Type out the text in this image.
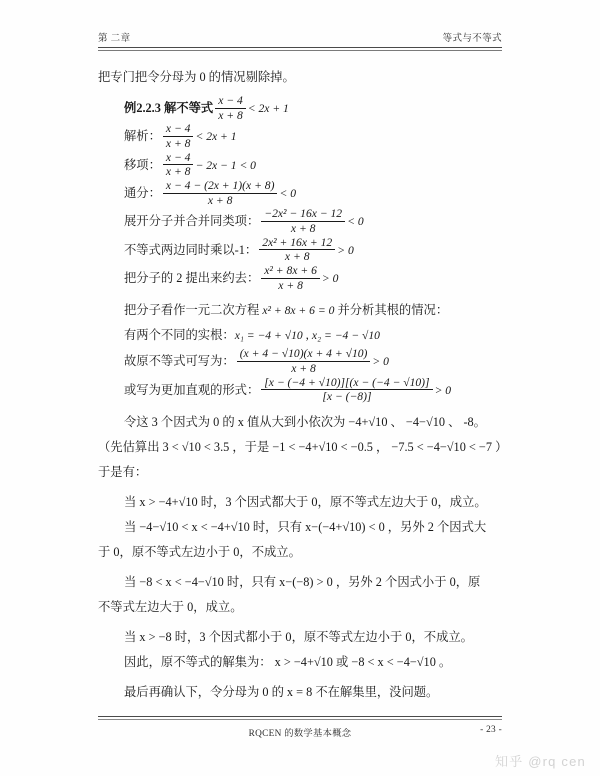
第 二章	等式与不等式

把专门把令分母为 0 的情况剔除掉。

例2.2.3 解不等式 $\frac{x - 4}{x + 8} < 2x + 1$

解析： $\frac{x - 4}{x + 8} < 2x + 1$

移项： $\frac{x - 4}{x + 8} - 2x - 1 < 0$

通分： $\frac{x - 4 - (2x + 1)(x + 8)}{x + 8} < 0$

展开分子并合并同类项： $\frac{\text{−2x² − 16x − 12}}{x + 8} < 0$

不等式两边同时乘以-1： $\frac{\text{2x² + 16x + 12}}{x + 8} > 0$

把分子的 2 提出来约去： $\frac{\text{x² + 8x + 6}}{x + 8} > 0$

把分子看作一元二次方程 x² + 8x + 6 = 0 并分析其根的情况：

有两个不同的实根：x₁ = −4 + √10 , x₂ = −4 − √10

故原不等式可写为： $\frac{(x + 4 - √10)(x + 4 + √10)}{x + 8} > 0$

或写为更加直观的形式： $\frac{[x - (-4 + √10)][(x - (-4 - √10)]}{[x - (-8)]} > 0$

令这 3 个因式为 0 的 x 值从大到小依次为 −4+√10 、 −4−√10 、 -8。

（先估算出 3 < √10 < 3.5 ，于是 −1 < −4+√10 < −0.5 ， −7.5 < −4−√10 < −7 ）

于是有：

当 x > −4+√10 时，3 个因式都大于 0，原不等式左边大于 0，成立。

当 −4−√10 < x < −4+√10 时，只有 x−(−4+√10) < 0 ，另外 2 个因式大

于 0，原不等式左边小于 0，不成立。

当 −8 < x < −4−√10 时，只有 x−(−8) > 0 ，另外 2 个因式小于 0，原

不等式左边大于 0，成立。

当 x > −8 时，3 个因式都小于 0，原不等式左边小于 0，不成立。

因此，原不等式的解集为： x > −4+√10 或 −8 < x < −4−√10 。

最后再确认下，令分母为 0 的 x = 8 不在解集里，没问题。

RQCEN 的数学基本概念	- 23 -
知乎 @rq cen
